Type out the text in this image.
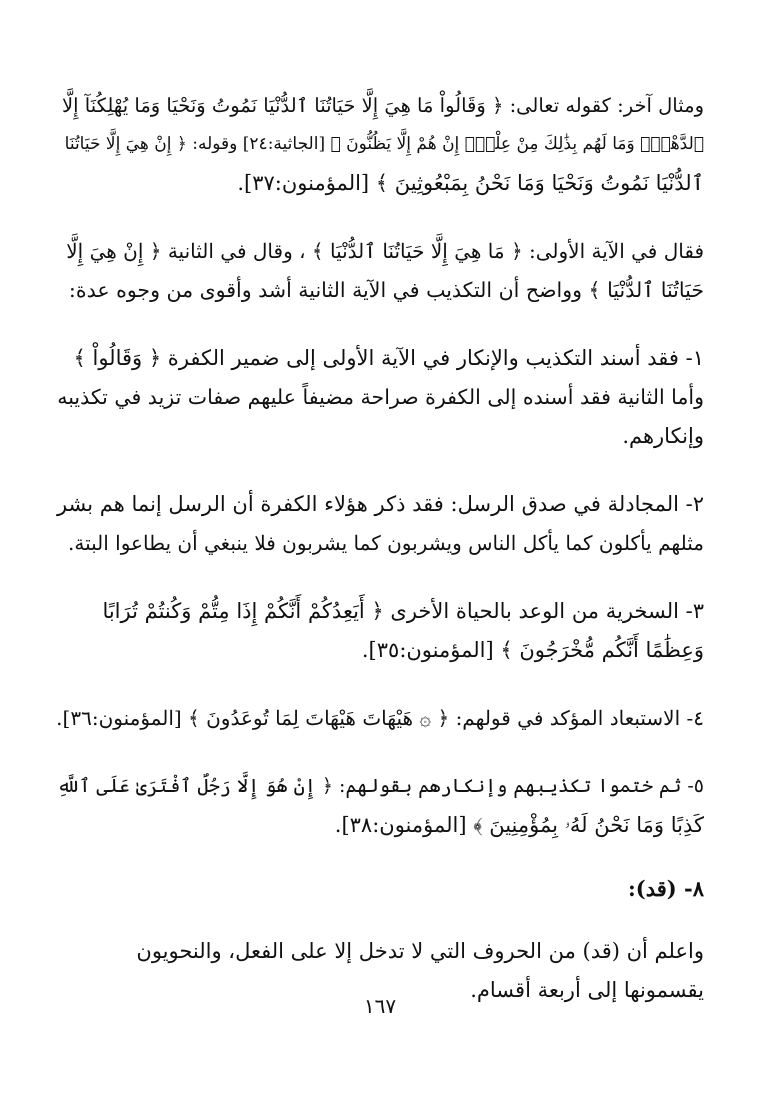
ومثال آخر: كقوله تعالى: ﴿ وَقَالُواْ مَا هِيَ إِلَّا حَيَاتُنَا ٱلدُّنْيَا نَمُوتُ وَنَحْيَا وَمَا يُهْلِكُنَآ إِلَّا
ٱلدَّهْرُۚ وَمَا لَهُم بِذَٰلِكَ مِنْ عِلْمٍۖ إِنْ هُمْ إِلَّا يَظُنُّونَ ﴾ [الجاثية:٢٤] وقوله: ﴿ إِنْ هِيَ إِلَّا حَيَاتُنَا
ٱلدُّنْيَا نَمُوتُ وَنَحْيَا وَمَا نَحْنُ بِمَبْعُوثِينَ ﴾ [المؤمنون:٣٧].
فقال في الآية الأولى: ﴿ مَا هِيَ إِلَّا حَيَاتُنَا ٱلدُّنْيَا ﴾ ، وقال في الثانية ﴿ إِنْ هِيَ إِلَّا
حَيَاتُنَا ٱلدُّنْيَا ﴾ وواضح أن التكذيب في الآية الثانية أشد وأقوى من وجوه عدة:
١- فقد أسند التكذيب والإنكار في الآية الأولى إلى ضمير الكفرة ﴿ وَقَالُواْ ﴾
وأما الثانية فقد أسنده إلى الكفرة صراحة مضيفاً عليهم صفات تزيد في تكذيبه
وإنكارهم.
٢- المجادلة في صدق الرسل: فقد ذكر هؤلاء الكفرة أن الرسل إنما هم بشر
مثلهم يأكلون كما يأكل الناس ويشربون كما يشربون فلا ينبغي أن يطاعوا البتة.
٣- السخرية من الوعد بالحياة الأخرى ﴿ أَيَعِدُكُمْ أَنَّكُمْ إِذَا مِتُّمْ وَكُنتُمْ تُرَابًا
وَعِظَٰمًا أَنَّكُم مُّخْرَجُونَ ﴾ [المؤمنون:٣٥].
٤- الاستبعاد المؤكد في قولهم: ﴿ ۞ هَيْهَاتَ هَيْهَاتَ لِمَا تُوعَدُونَ ﴾ [المؤمنون:٣٦].
٥- ثم ختموا تكذيبهم وإنكارهم بقولهم: ﴿ إِنْ هُوَ إِلَّا رَجُلٌ ٱفْتَرَىٰ عَلَى ٱللَّهِ
كَذِبًا وَمَا نَحْنُ لَهُۥ بِمُؤْمِنِينَ ﴾ [المؤمنون:٣٨].
٨- (قد):
واعلم أن (قد) من الحروف التي لا تدخل إلا على الفعل، والنحويون
يقسمونها إلى أربعة أقسام.
١٦٧
